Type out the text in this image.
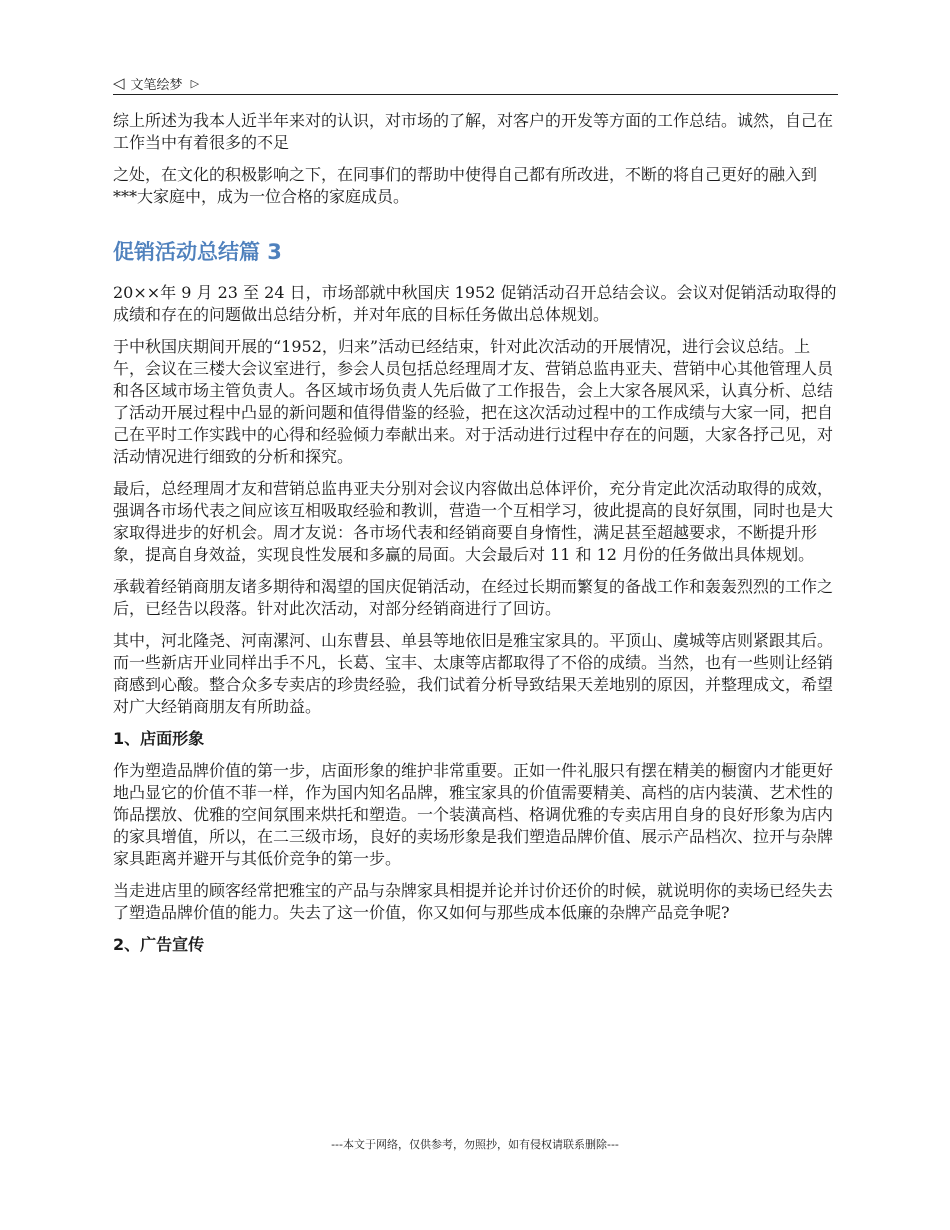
◁ 文笔绘梦 ▷

综上所述为我本人近半年来对的认识，对市场的了解，对客户的开发等方面的工作总结。诚然，自己在工作当中有着很多的不足

之处，在文化的积极影响之下，在同事们的帮助中使得自己都有所改进，不断的将自己更好的融入到***大家庭中，成为一位合格的家庭成员。

促销活动总结篇 3

20××年 9 月 23 至 24 日，市场部就中秋国庆 1952 促销活动召开总结会议。会议对促销活动取得的成绩和存在的问题做出总结分析，并对年底的目标任务做出总体规划。

于中秋国庆期间开展的“1952，归来”活动已经结束，针对此次活动的开展情况，进行会议总结。上午，会议在三楼大会议室进行，参会人员包括总经理周才友、营销总监冉亚夫、营销中心其他管理人员和各区域市场主管负责人。各区域市场负责人先后做了工作报告，会上大家各展风采，认真分析、总结了活动开展过程中凸显的新问题和值得借鉴的经验，把在这次活动过程中的工作成绩与大家一同，把自己在平时工作实践中的心得和经验倾力奉献出来。对于活动进行过程中存在的问题，大家各抒己见，对活动情况进行细致的分析和探究。

最后，总经理周才友和营销总监冉亚夫分别对会议内容做出总体评价，充分肯定此次活动取得的成效，强调各市场代表之间应该互相吸取经验和教训，营造一个互相学习，彼此提高的良好氛围，同时也是大家取得进步的好机会。周才友说：各市场代表和经销商要自身惰性，满足甚至超越要求，不断提升形象，提高自身效益，实现良性发展和多赢的局面。大会最后对 11 和 12 月份的任务做出具体规划。

承载着经销商朋友诸多期待和渴望的国庆促销活动，在经过长期而繁复的备战工作和轰轰烈烈的工作之后，已经告以段落。针对此次活动，对部分经销商进行了回访。

其中，河北隆尧、河南漯河、山东曹县、单县等地依旧是雅宝家具的。平顶山、虞城等店则紧跟其后。而一些新店开业同样出手不凡，长葛、宝丰、太康等店都取得了不俗的成绩。当然，也有一些则让经销商感到心酸。整合众多专卖店的珍贵经验，我们试着分析导致结果天差地别的原因，并整理成文，希望对广大经销商朋友有所助益。

1、店面形象

作为塑造品牌价值的第一步，店面形象的维护非常重要。正如一件礼服只有摆在精美的橱窗内才能更好地凸显它的价值不菲一样，作为国内知名品牌，雅宝家具的价值需要精美、高档的店内装潢、艺术性的饰品摆放、优雅的空间氛围来烘托和塑造。一个装潢高档、格调优雅的专卖店用自身的良好形象为店内的家具增值，所以，在二三级市场，良好的卖场形象是我们塑造品牌价值、展示产品档次、拉开与杂牌家具距离并避开与其低价竞争的第一步。

当走进店里的顾客经常把雅宝的产品与杂牌家具相提并论并讨价还价的时候，就说明你的卖场已经失去了塑造品牌价值的能力。失去了这一价值，你又如何与那些成本低廉的杂牌产品竞争呢?

2、广告宣传
---本文于网络，仅供参考，勿照抄，如有侵权请联系删除---
